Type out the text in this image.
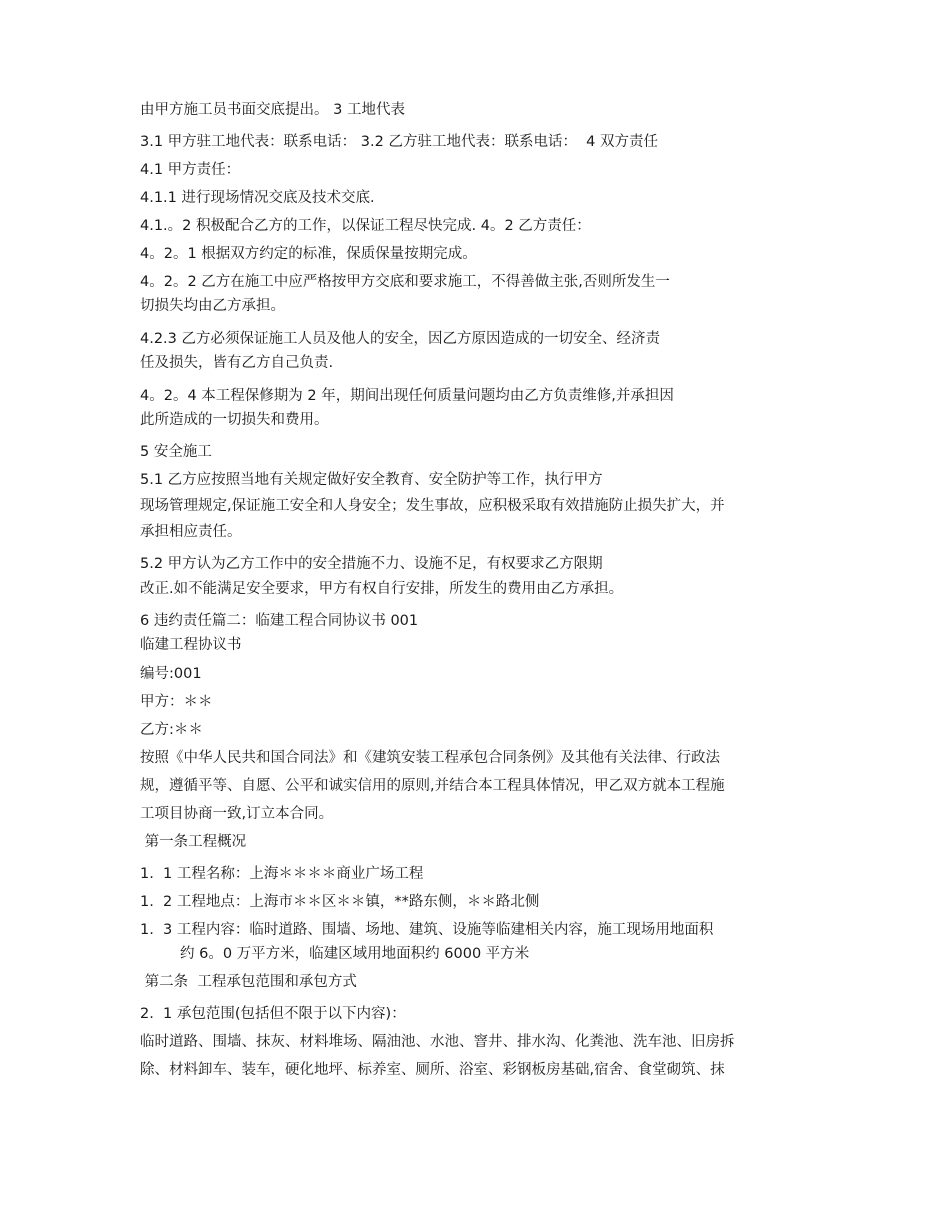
由甲方施工员书面交底提出。 3 工地代表
3.1 甲方驻工地代表：联系电话： 3.2 乙方驻工地代表：联系电话：  4 双方责任
4.1 甲方责任：
4.1.1 进行现场情况交底及技术交底.
4.1.。2 积极配合乙方的工作，以保证工程尽快完成. 4。2 乙方责任：
4。2。1 根据双方约定的标准，保质保量按期完成。
4。2。2 乙方在施工中应严格按甲方交底和要求施工，不得善做主张,否则所发生一
切损失均由乙方承担。
4.2.3 乙方必须保证施工人员及他人的安全，因乙方原因造成的一切安全、经济责
任及损失，皆有乙方自己负责.
4。2。4 本工程保修期为 2 年，期间出现任何质量问题均由乙方负责维修,并承担因
此所造成的一切损失和费用。
5 安全施工
5.1 乙方应按照当地有关规定做好安全教育、安全防护等工作，执行甲方
现场管理规定,保证施工安全和人身安全；发生事故，应积极采取有效措施防止损失扩大，并
承担相应责任。
5.2 甲方认为乙方工作中的安全措施不力、设施不足，有权要求乙方限期
改正.如不能满足安全要求，甲方有权自行安排，所发生的费用由乙方承担。
6 违约责任篇二：临建工程合同协议书 001
临建工程协议书
编号:001
甲方：＊＊
乙方:＊＊
按照《中华人民共和国合同法》和《建筑安装工程承包合同条例》及其他有关法律、行政法
规，遵循平等、自愿、公平和诚实信用的原则,并结合本工程具体情况，甲乙双方就本工程施
工项目协商一致,订立本合同。
第一条工程概况
1.  1 工程名称：上海＊＊＊＊商业广场工程
1.  2 工程地点：上海市＊＊区＊＊镇，**路东侧，＊＊路北侧
1.  3 工程内容：临时道路、围墙、场地、建筑、设施等临建相关内容，施工现场用地面积
约 6。0 万平方米，临建区域用地面积约 6000 平方米
第二条  工程承包范围和承包方式
2.  1 承包范围(包括但不限于以下内容)：
临时道路、围墙、抹灰、材料堆场、隔油池、水池、窨井、排水沟、化粪池、洗车池、旧房拆
除、材料卸车、装车，硬化地坪、标养室、厕所、浴室、彩钢板房基础,宿舍、食堂砌筑、抹
